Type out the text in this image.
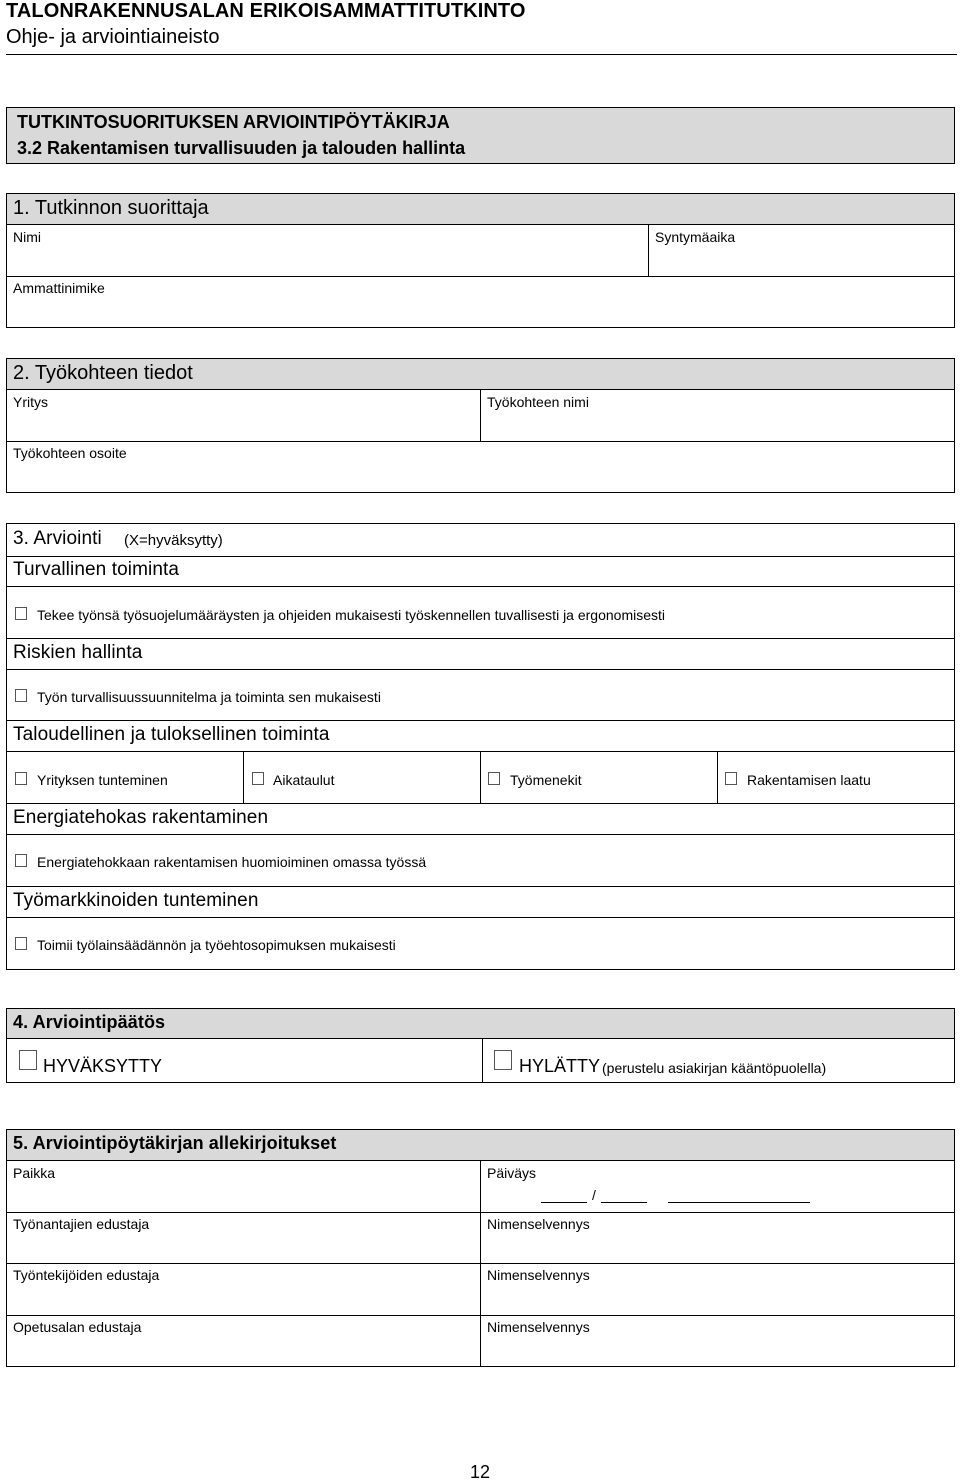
TALONRAKENNUSALAN ERIKOISAMMATTITUTKINTO
Ohje- ja arviointiaineisto
TUTKINTOSUORITUKSEN ARVIOINTIPÖYTÄKIRJA
3.2 Rakentamisen turvallisuuden ja talouden hallinta
1. Tutkinnon suorittaja
Nimi	Syntymäaika
Ammattinimike
2. Työkohteen tiedot
Yritys	Työkohteen nimi
Työkohteen osoite
3. Arviointi (X=hyväksytty)
Turvallinen toiminta
Tekee työnsä työsuojelumääräysten ja ohjeiden mukaisesti työskennellen tuvallisesti ja ergonomisesti
Riskien hallinta
Työn turvallisuussuunnitelma ja toiminta sen mukaisesti
Taloudellinen ja tuloksellinen toiminta
Yrityksen tunteminen	Aikataulut	Työmenekit	Rakentamisen laatu
Energiatehokas rakentaminen
Energiatehokkaan rakentamisen huomioiminen omassa työssä
Työmarkkinoiden tunteminen
Toimii työlainsäädännön ja työehtosopimuksen mukaisesti
4. Arviointipäätös
HYVÄKSYTTY	HYLÄTTY (perustelu asiakirjan kääntöpuolella)
5. Arviointipöytäkirjan allekirjoitukset
Paikka	Päiväys
/
Työnantajien edustaja	Nimenselvennys
Työntekijöiden edustaja	Nimenselvennys
Opetusalan edustaja	Nimenselvennys
12
